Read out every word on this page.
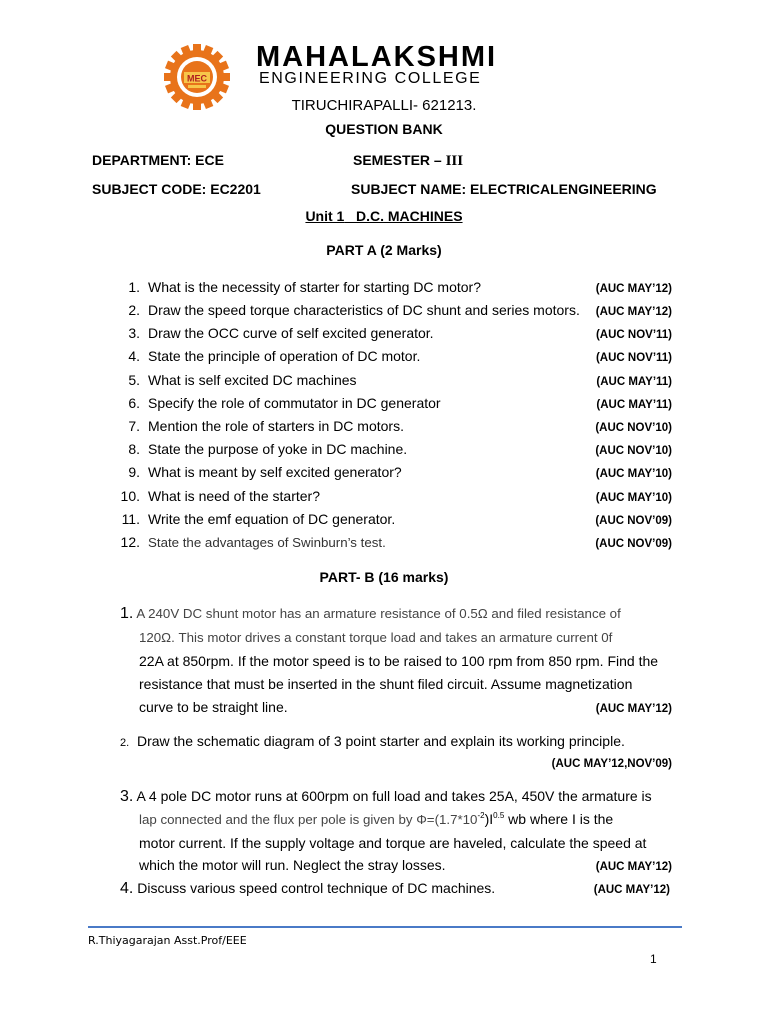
MEC
MAHALAKSHMI
ENGINEERING COLLEGE
TIRUCHIRAPALLI- 621213.
QUESTION BANK
DEPARTMENT: ECE	SEMESTER – III
SUBJECT CODE: EC2201	SUBJECT NAME: ELECTRICALENGINEERING
Unit 1 D.C. MACHINES
PART A (2 Marks)
1. What is the necessity of starter for starting DC motor?	(AUC MAY’12)
2. Draw the speed torque characteristics of DC shunt and series motors.	(AUC MAY’12)
3. Draw the OCC curve of self excited generator.	(AUC NOV’11)
4. State the principle of operation of DC motor.	(AUC NOV’11)
5. What is self excited DC machines	(AUC MAY’11)
6. Specify the role of commutator in DC generator	(AUC MAY’11)
7. Mention the role of starters in DC motors.	(AUC NOV’10)
8. State the purpose of yoke in DC machine.	(AUC NOV’10)
9. What is meant by self excited generator?	(AUC MAY’10)
10. What is need of the starter?	(AUC MAY’10)
11. Write the emf equation of DC generator.	(AUC NOV’09)
12. State the advantages of Swinburn’s test.	(AUC NOV’09)
PART- B (16 marks)
1. A 240V DC shunt motor has an armature resistance of 0.5Ω and filed resistance of
120Ω. This motor drives a constant torque load and takes an armature current 0f
22A at 850rpm. If the motor speed is to be raised to 100 rpm from 850 rpm. Find the
resistance that must be inserted in the shunt filed circuit. Assume magnetization
curve to be straight line.	(AUC MAY’12)
2. Draw the schematic diagram of 3 point starter and explain its working principle.
(AUC MAY’12,NOV’09)
3. A 4 pole DC motor runs at 600rpm on full load and takes 25A, 450V the armature is
lap connected and the flux per pole is given by $\Phi=(1.7*10^{-2})I^{0.5}$ wb where I is the
motor current. If the supply voltage and torque are haveled, calculate the speed at
which the motor will run. Neglect the stray losses.	(AUC MAY’12)
4. Discuss various speed control technique of DC machines.	(AUC MAY’12)
R.Thiyagarajan Asst.Prof/EEE
1
